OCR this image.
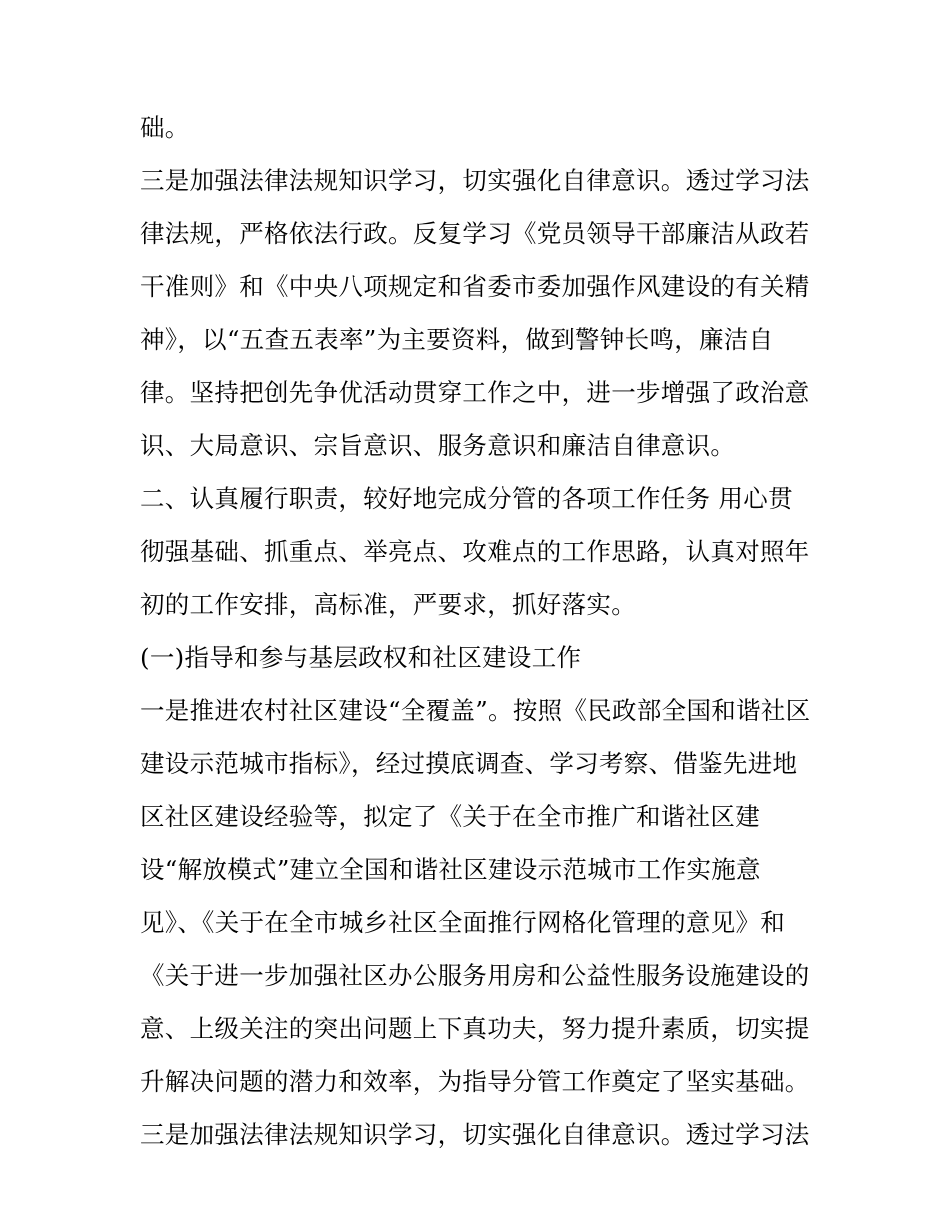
础。
三是加强法律法规知识学习，切实强化自律意识。透过学习法
律法规，严格依法行政。反复学习《党员领导干部廉洁从政若
干准则》和《中央八项规定和省委市委加强作风建设的有关精
神》，以“五查五表率”为主要资料，做到警钟长鸣，廉洁自
律。坚持把创先争优活动贯穿工作之中，进一步增强了政治意
识、大局意识、宗旨意识、服务意识和廉洁自律意识。
二、认真履行职责，较好地完成分管的各项工作任务 用心贯
彻强基础、抓重点、举亮点、攻难点的工作思路，认真对照年
初的工作安排，高标准，严要求，抓好落实。
(一)指导和参与基层政权和社区建设工作
一是推进农村社区建设“全覆盖”。按照《民政部全国和谐社区
建设示范城市指标》，经过摸底调查、学习考察、借鉴先进地
区社区建设经验等，拟定了《关于在全市推广和谐社区建
设“解放模式”建立全国和谐社区建设示范城市工作实施意
见》、《关于在全市城乡社区全面推行网格化管理的意见》和
《关于进一步加强社区办公服务用房和公益性服务设施建设的
意、上级关注的突出问题上下真功夫，努力提升素质，切实提
升解决问题的潜力和效率，为指导分管工作奠定了坚实基础。
三是加强法律法规知识学习，切实强化自律意识。透过学习法
